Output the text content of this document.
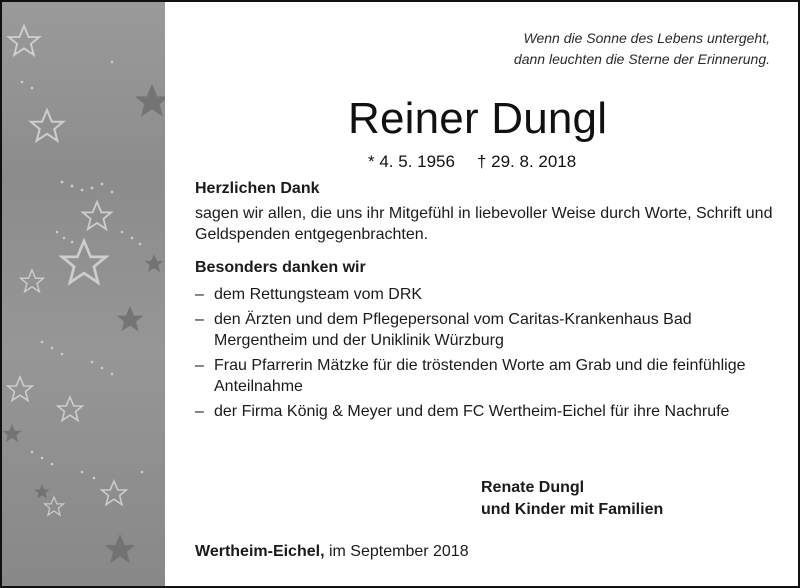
Wenn die Sonne des Lebens untergeht,
dann leuchten die Sterne der Erinnerung.
Reiner Dungl
* 4. 5. 1956 † 29. 8. 2018

Herzlichen Dank

sagen wir allen, die uns ihr Mitgefühl in liebevoller Weise durch Worte, Schrift und Geldspenden entgegenbrachten.

Besonders danken wir

– dem Rettungsteam vom DRK
– den Ärzten und dem Pflegepersonal vom Caritas-Krankenhaus Bad Mergentheim und der Uniklinik Würzburg
– Frau Pfarrerin Mätzke für die tröstenden Worte am Grab und die feinfühlige Anteilnahme
– der Firma König & Meyer und dem FC Wertheim-Eichel für ihre Nachrufe
Renate Dungl
und Kinder mit Familien
Wertheim-Eichel, im September 2018
